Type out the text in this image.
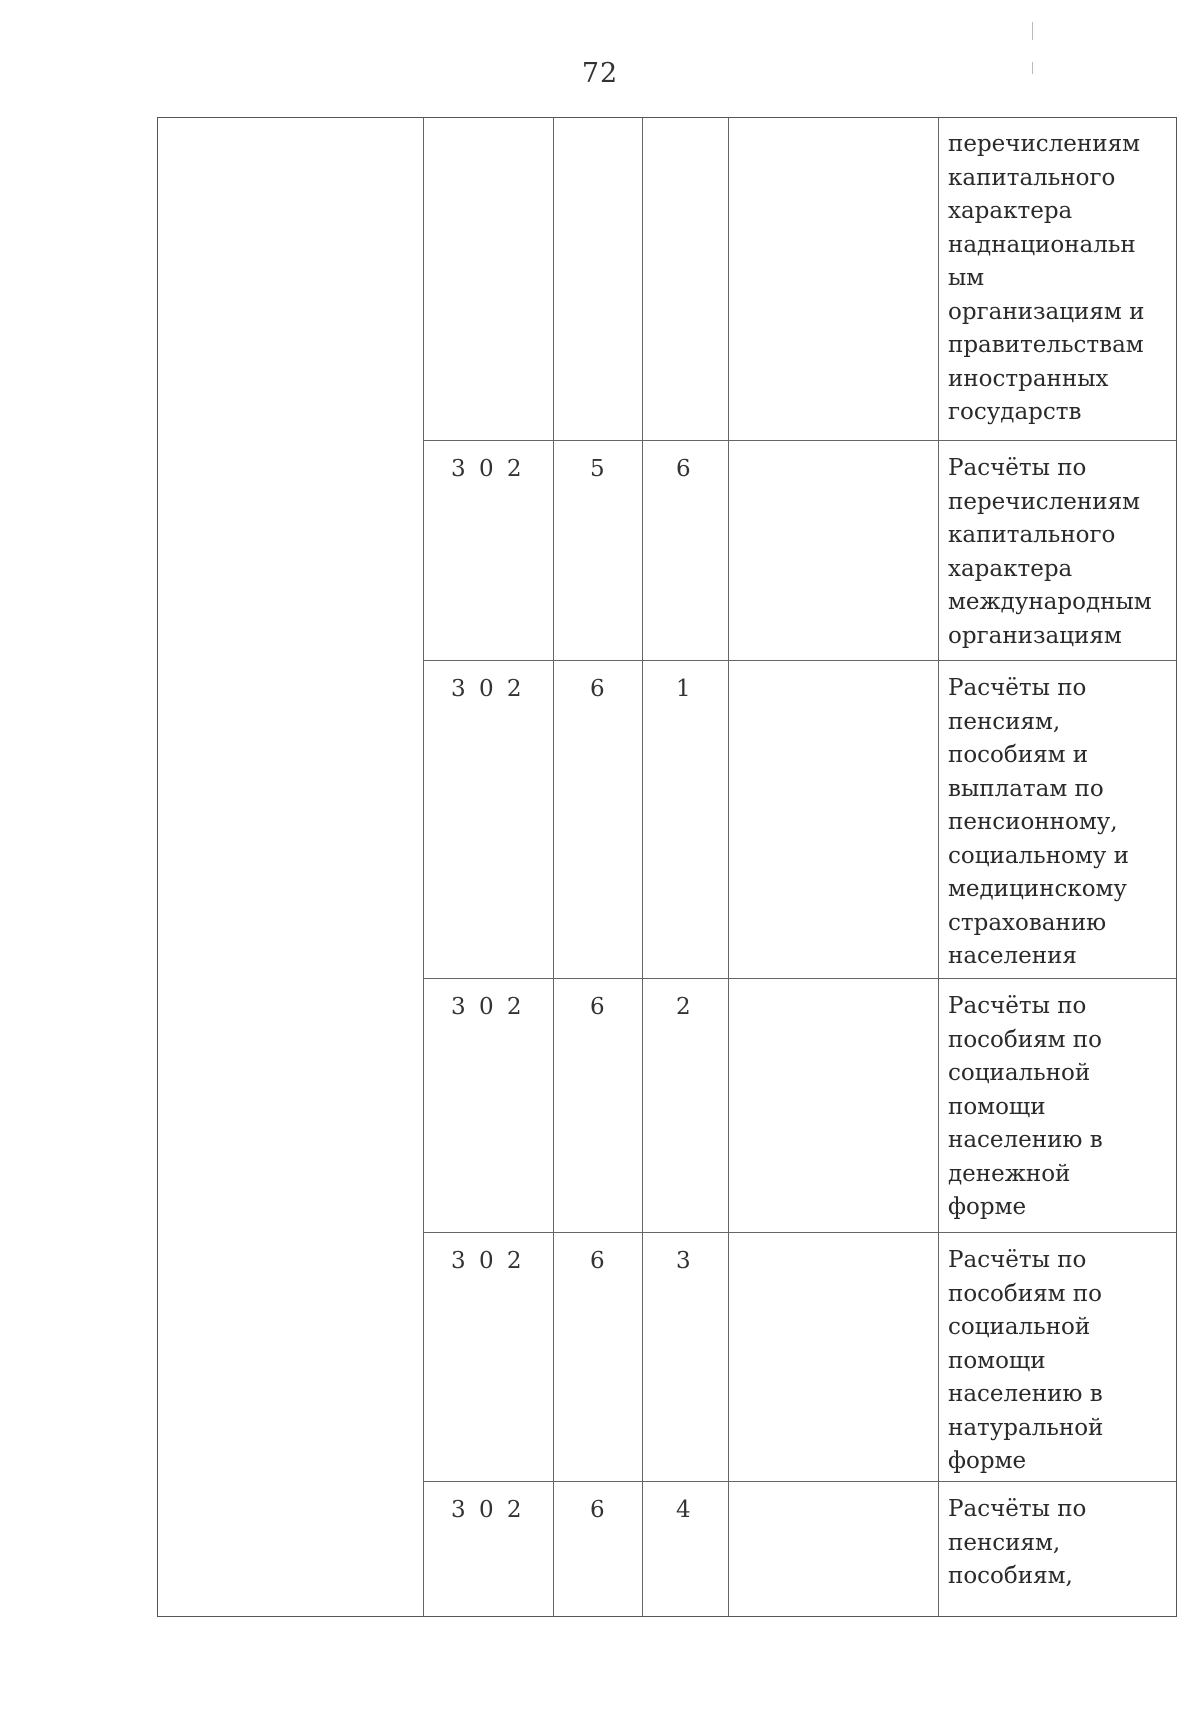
72
перечислениям
капитального
характера
наднациональн
ым
организациям и
правительствам
иностранных
государств
3 0 2	5	6	Расчёты по
перечислениям
капитального
характера
международным
организациям
3 0 2	6	1	Расчёты по
пенсиям,
пособиям и
выплатам по
пенсионному,
социальному и
медицинскому
страхованию
населения
3 0 2	6	2	Расчёты по
пособиям по
социальной
помощи
населению в
денежной
форме
3 0 2	6	3	Расчёты по
пособиям по
социальной
помощи
населению в
натуральной
форме
3 0 2	6	4	Расчёты по
пенсиям,
пособиям,
